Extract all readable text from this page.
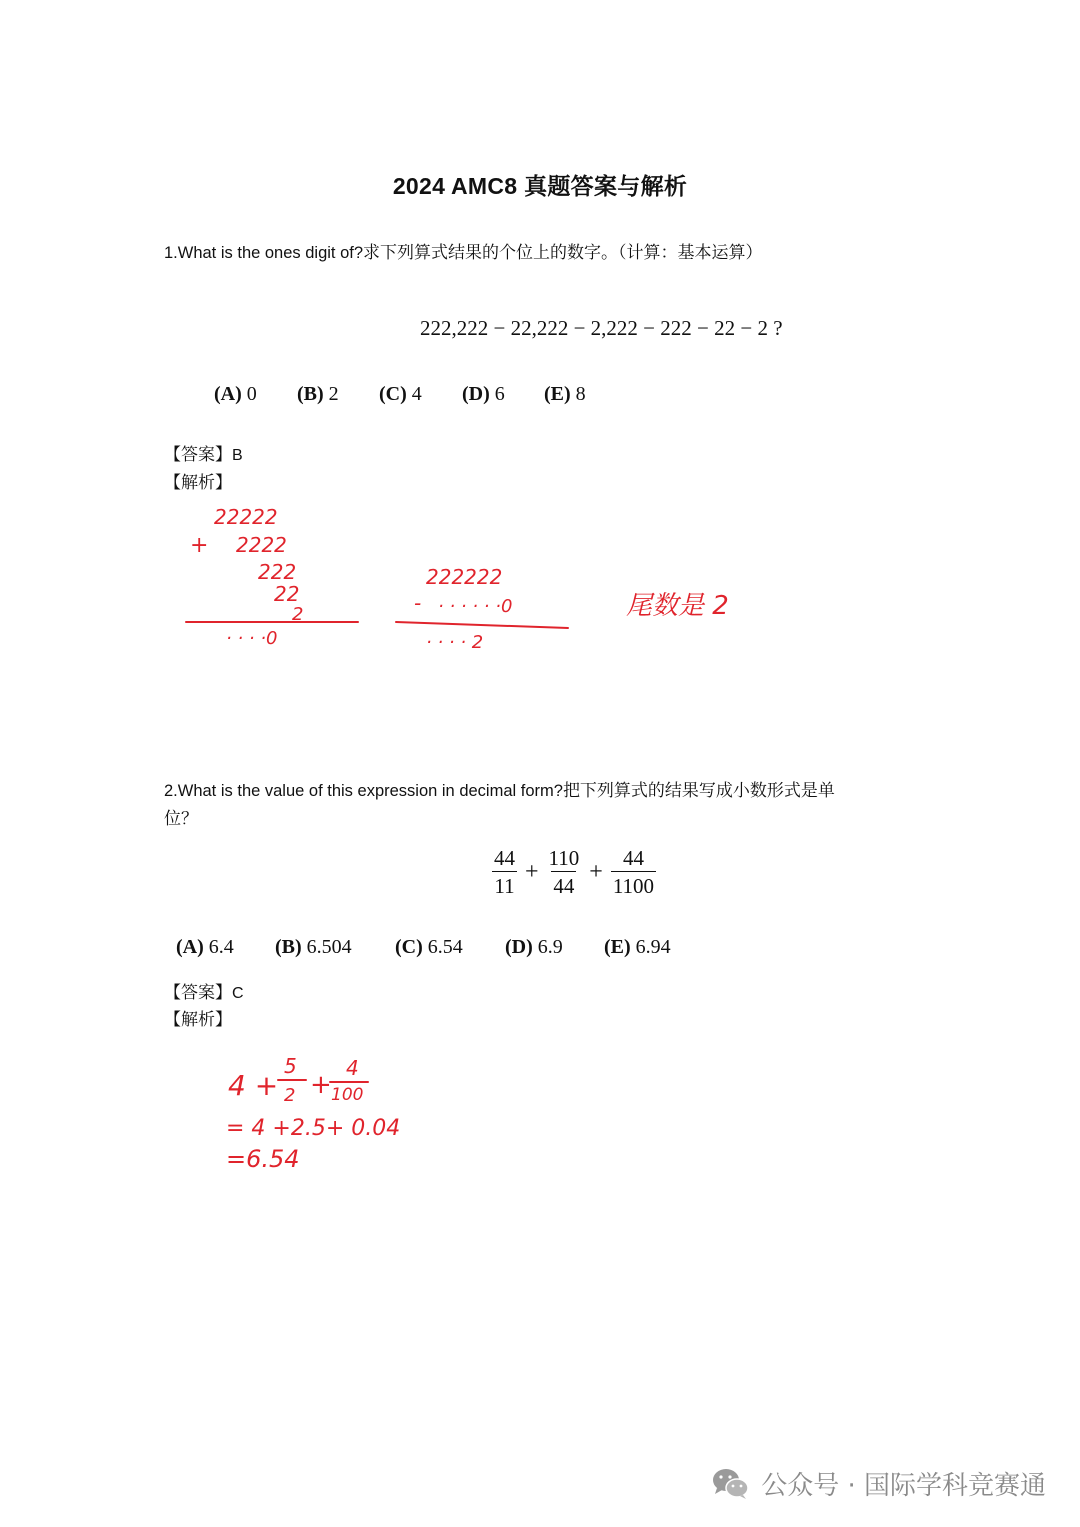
2024 AMC8 真题答案与解析
1.What is the ones digit of?求下列算式结果的个位上的数字。（计算：基本运算）
222,222 − 22,222 − 2,222 − 222 − 22 − 2 ?
(A) 0	(B) 2	(C) 4	(D) 6	(E) 8
【答案】B
【解析】
22222
+ 2222
222
22
2
· · · ·0
222222
- · · · · · ·0
· · · · 2
尾数是 2
2.What is the value of this expression in decimal form?把下列算式的结果写成小数形式是单
位？
$\frac{44}{11} + \frac{110}{44} + \frac{44}{1100}$
(A) 6.4	(B) 6.504	(C) 6.54	(D) 6.9	(E) 6.94
【答案】C
【解析】
4 +
5
2 +
4
100
= 4 +2.5+ 0.04
=6.54
公众号 · 国际学科竞赛通
